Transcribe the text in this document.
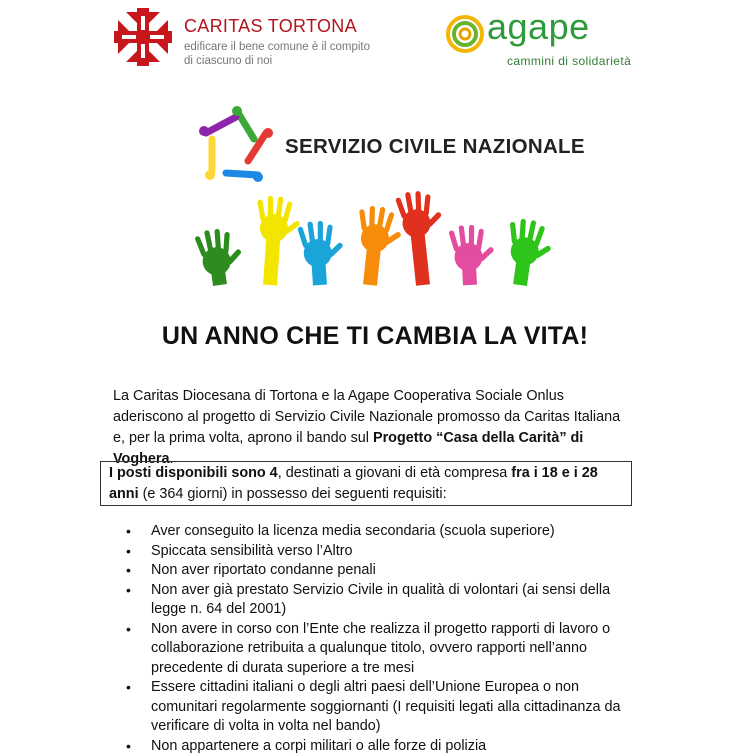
CARITAS TORTONA
edificare il bene comune è il compito
di ciascuno di noi
agape
cammini di solidarietà
SERVIZIO CIVILE NAZIONALE
UN ANNO CHE TI CAMBIA LA VITA!
La Caritas Diocesana di Tortona e la Agape Cooperativa Sociale Onlus aderiscono al progetto di Servizio Civile Nazionale promosso da Caritas Italiana e, per la prima volta, aprono il bando sul Progetto “Casa della Carità” di Voghera.
I posti disponibili sono 4, destinati a giovani di età compresa fra i 18 e i 28 anni (e 364 giorni) in possesso dei seguenti requisiti:
• Aver conseguito la licenza media secondaria (scuola superiore)
• Spiccata sensibilità verso l’Altro
• Non aver riportato condanne penali
• Non aver già prestato Servizio Civile in qualità di volontari (ai sensi della legge n. 64 del 2001)
• Non avere in corso con l’Ente che realizza il progetto rapporti di lavoro o collaborazione retribuita a qualunque titolo, ovvero rapporti nell’anno precedente di durata superiore a tre mesi
• Essere cittadini italiani o degli altri paesi dell’Unione Europea o non comunitari regolarmente soggiornanti (I requisiti legati alla cittadinanza da verificare di volta in volta nel bando)
• Non appartenere a corpi militari o alle forze di polizia
